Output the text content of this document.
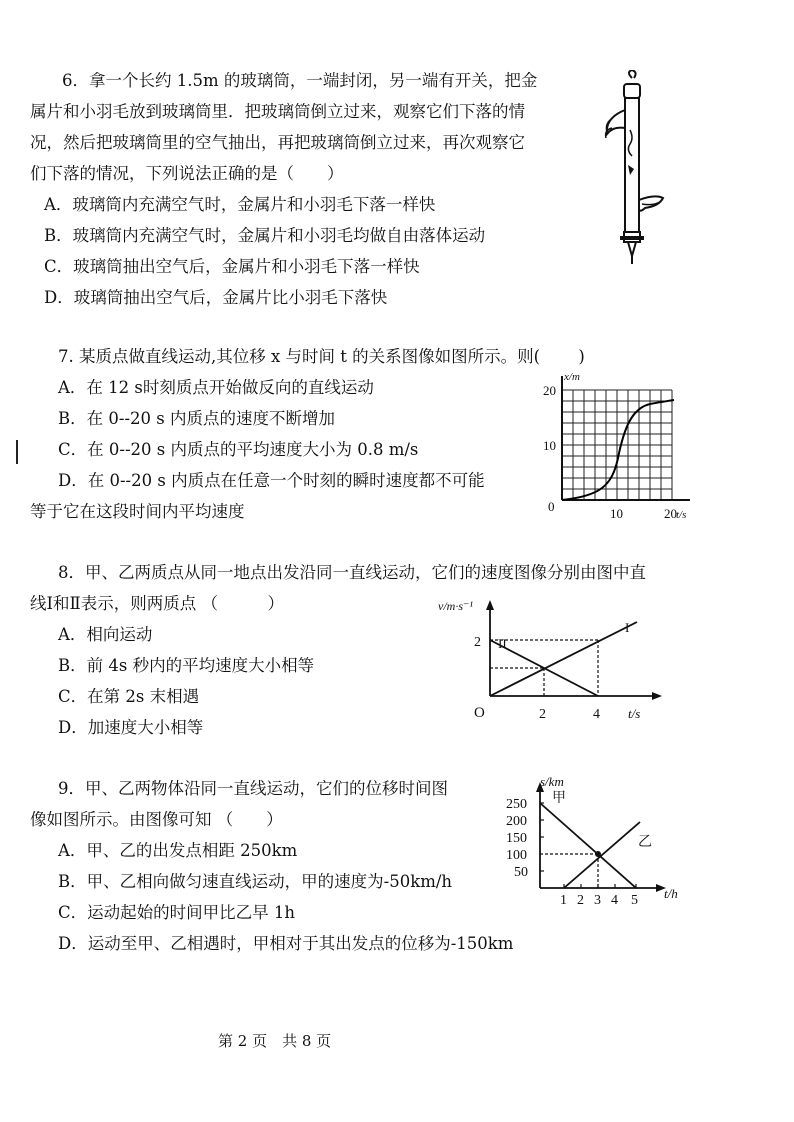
6．拿一个长约 1.5m 的玻璃筒，一端封闭，另一端有开关，把金
属片和小羽毛放到玻璃筒里．把玻璃筒倒立过来，观察它们下落的情
况，然后把玻璃筒里的空气抽出，再把玻璃筒倒立过来，再次观察它
们下落的情况，下列说法正确的是（　　）
A．玻璃筒内充满空气时，金属片和小羽毛下落一样快
B．玻璃筒内充满空气时，金属片和小羽毛均做自由落体运动
C．玻璃筒抽出空气后，金属片和小羽毛下落一样快
D．玻璃筒抽出空气后，金属片比小羽毛下落快
7. 某质点做直线运动,其位移 x 与时间 t 的关系图像如图所示。则(　　 )
A．在 12 s时刻质点开始做反向的直线运动
B．在 0--20 s 内质点的速度不断增加
C．在 0--20 s 内质点的平均速度大小为 0.8 m/s
D．在 0--20 s 内质点在任意一个时刻的瞬时速度都不可能
等于它在这段时间内平均速度
x/m
t/s
20
10
0	10	20
8．甲、乙两质点从同一地点出发沿同一直线运动，它们的速度图像分别由图中直
线Ⅰ和Ⅱ表示，则两质点 （　　　）
A．相向运动
B．前 4s 秒内的平均速度大小相等
C．在第 2s 末相遇
D．加速度大小相等
v/m·s⁻¹
t/s
O
2
2	4
I
II
9．甲、乙两物体沿同一直线运动，它们的位移时间图
像如图所示。由图像可知 （　　）
A．甲、乙的出发点相距 250km
B．甲、乙相向做匀速直线运动，甲的速度为-50km/h
C．运动起始的时间甲比乙早 1h
D．运动至甲、乙相遇时，甲相对于其出发点的位移为-150km
s/km
t/h
250
200
150
100
50
1 2 3 4 5
甲
乙
第 2 页　共 8 页
